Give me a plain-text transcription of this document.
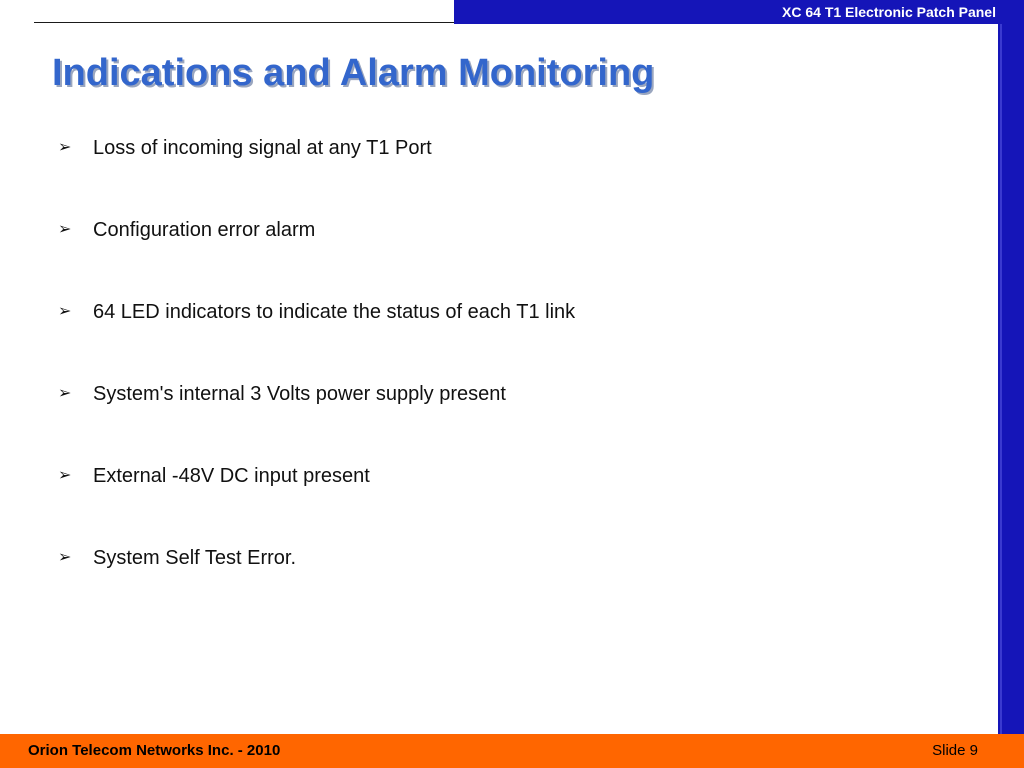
XC 64 T1 Electronic Patch Panel
Indications and Alarm Monitoring
➢	Loss of incoming signal at any T1 Port
➢	Configuration error alarm
➢	64 LED indicators to indicate the status of each T1 link
➢	System's internal 3 Volts power supply present
➢	External -48V DC input present
➢	System Self Test Error.
Orion Telecom Networks Inc. - 2010	Slide 9
